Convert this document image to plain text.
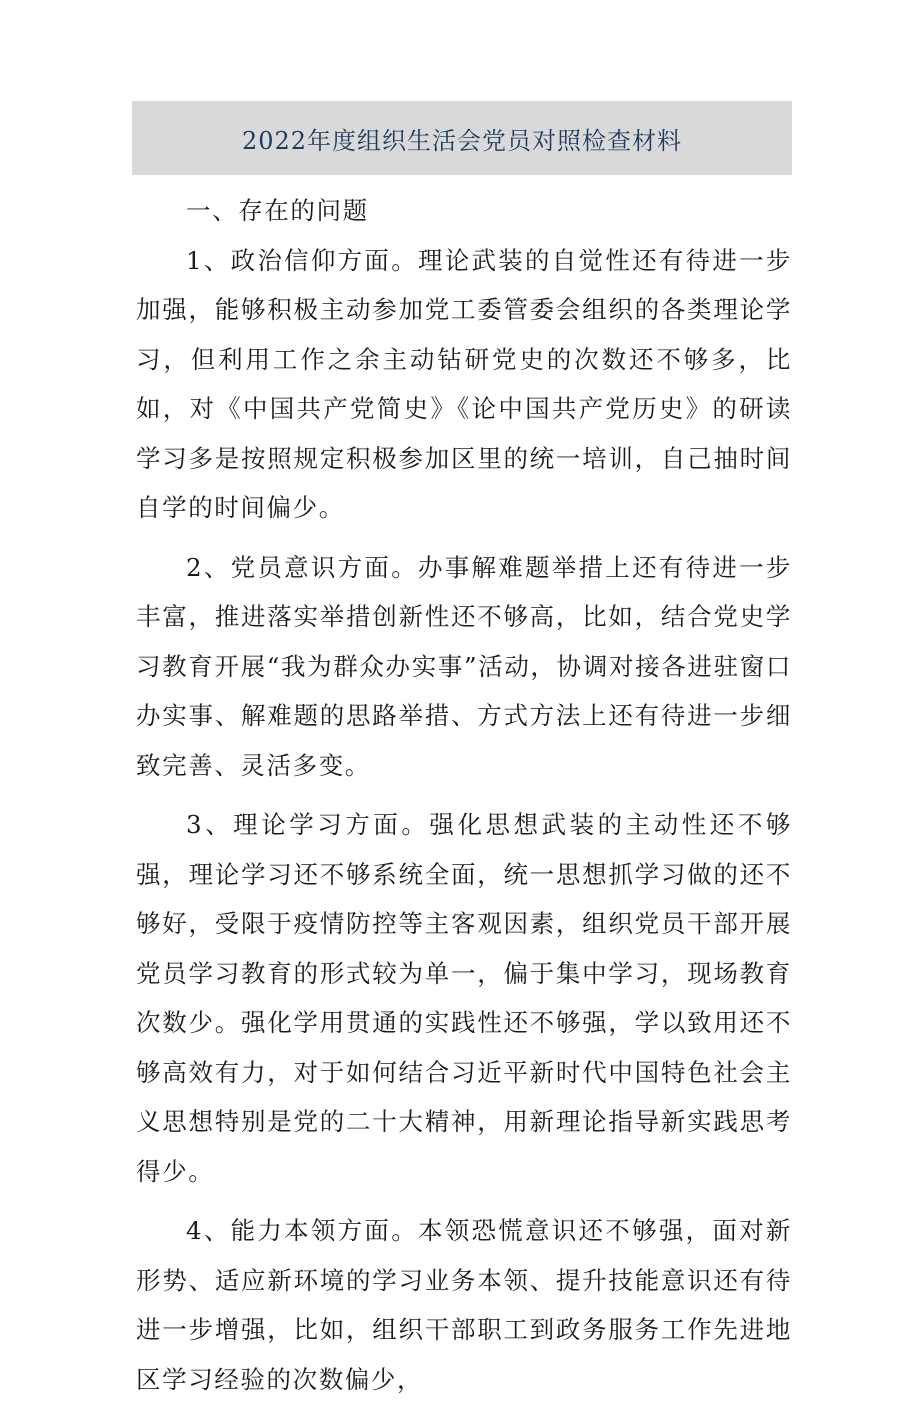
2022年度组织生活会党员对照检查材料

一、存在的问题

1、政治信仰方面。理论武装的自觉性还有待进一步加强，能够积极主动参加党工委管委会组织的各类理论学习，但利用工作之余主动钻研党史的次数还不够多，比如，对《中国共产党简史》《论中国共产党历史》的研读学习多是按照规定积极参加区里的统一培训，自己抽时间自学的时间偏少。

2、党员意识方面。办事解难题举措上还有待进一步丰富，推进落实举措创新性还不够高，比如，结合党史学习教育开展“我为群众办实事”活动，协调对接各进驻窗口办实事、解难题的思路举措、方式方法上还有待进一步细致完善、灵活多变。

3、理论学习方面。强化思想武装的主动性还不够强，理论学习还不够系统全面，统一思想抓学习做的还不够好，受限于疫情防控等主客观因素，组织党员干部开展党员学习教育的形式较为单一，偏于集中学习，现场教育次数少。强化学用贯通的实践性还不够强，学以致用还不够高效有力，对于如何结合习近平新时代中国特色社会主义思想特别是党的二十大精神，用新理论指导新实践思考得少。

4、能力本领方面。本领恐慌意识还不够强，面对新形势、适应新环境的学习业务本领、提升技能意识还有待进一步增强，比如，组织干部职工到政务服务工作先进地区学习经验的次数偏少，
